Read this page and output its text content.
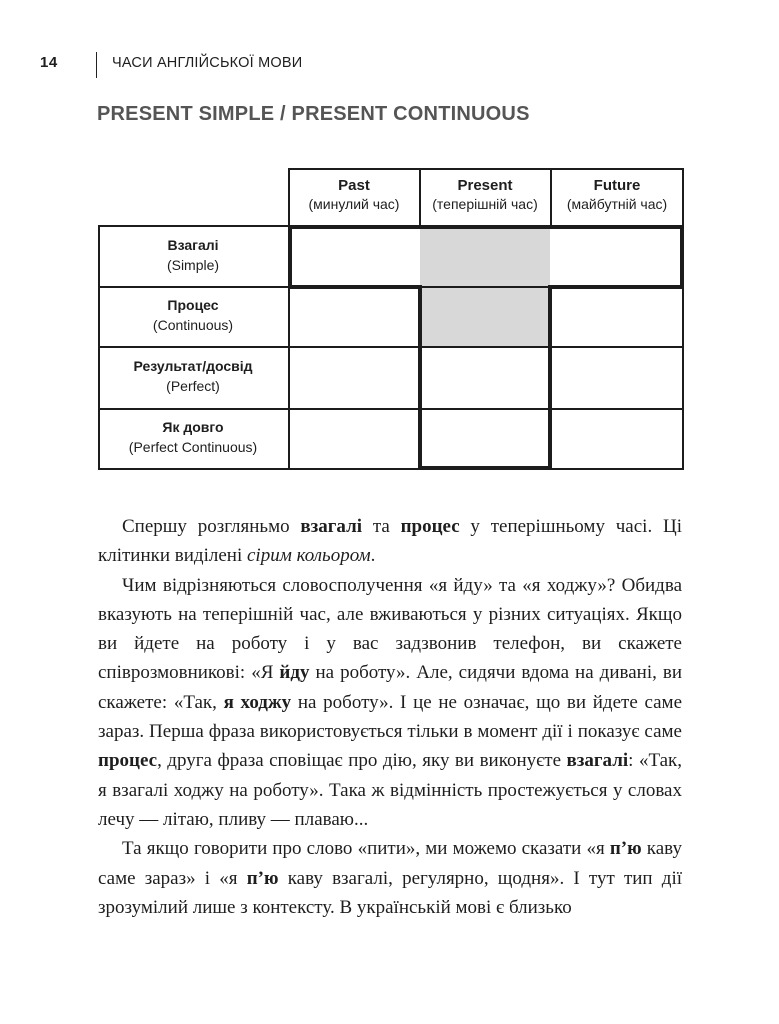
14	ЧАСИ АНГЛІЙСЬКОЇ МОВИ
PRESENT SIMPLE / PRESENT CONTINUOUS
Past
(минулий час)
Present
(теперішній час)
Future
(майбутній час)
Взагалі
(Simple)
Процес
(Continuous)
Результат/досвід
(Perfect)
Як довго
(Perfect Continuous)

Спершу розгляньмо взагалі та процес у теперішньому часі. Ці клітинки виділені сірим кольором.

Чим відрізняються словосполучення «я йду» та «я ходжу»? Обидва вказують на теперішній час, але вживаються у різних ситуаціях. Якщо ви йдете на роботу і у вас задзвонив телефон, ви скажете співрозмовникові: «Я йду на роботу». Але, сидячи вдома на дивані, ви скажете: «Так, я ходжу на роботу». І це не означає, що ви йдете саме зараз. Перша фраза використовується тільки в момент дії і показує саме процес, друга фраза сповіщає про дію, яку ви виконуєте взагалі: «Так, я взагалі ходжу на роботу». Така ж відмінність простежується у словах лечу — літаю, пливу — плаваю...

Та якщо говорити про слово «пити», ми можемо сказати «я п’ю каву саме зараз» і «я п’ю каву взагалі, регулярно, щодня». І тут тип дії зрозумілий лише з контексту. В українській мові є близько
